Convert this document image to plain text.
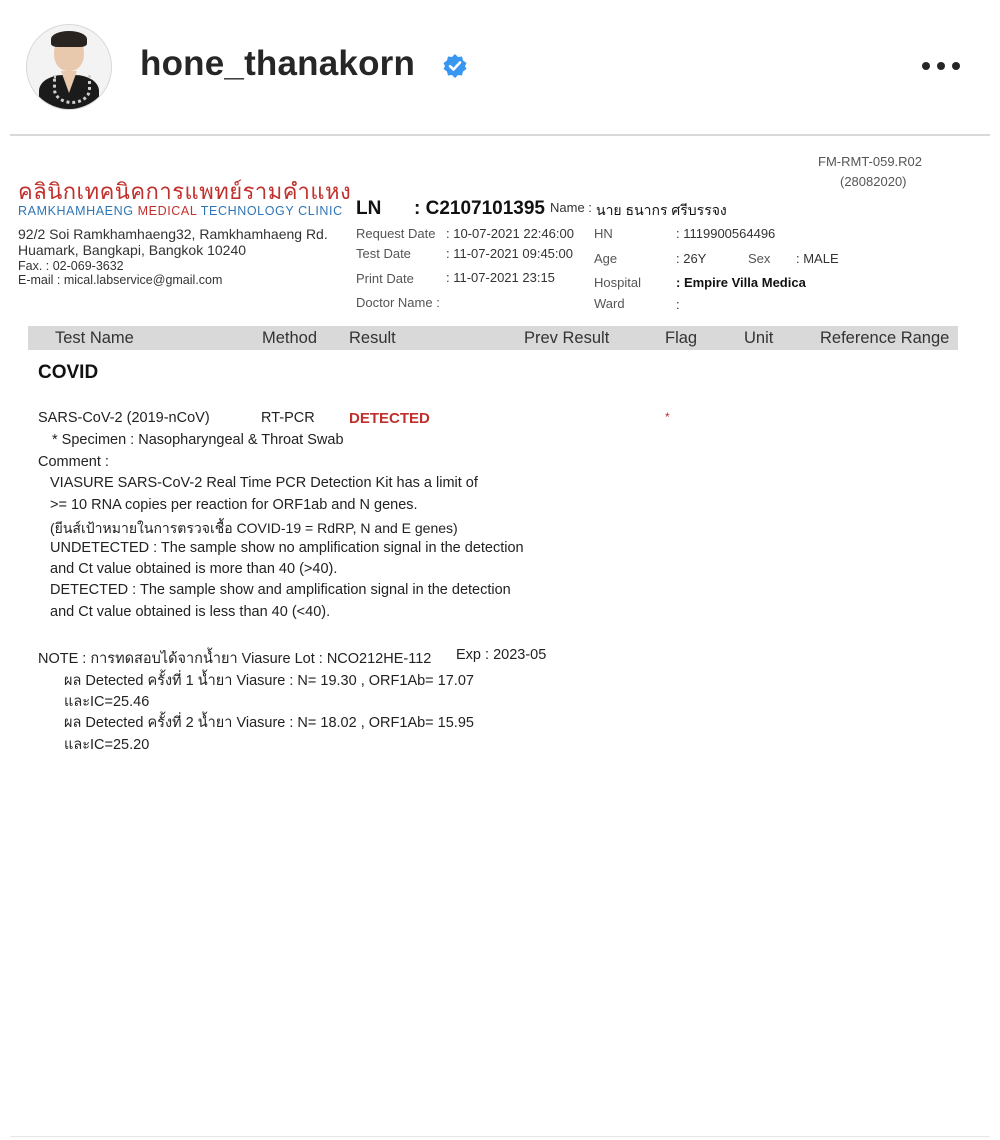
hone_thanakorn
FM-RMT-059.R02
(28082020)
คลินิกเทคนิคการแพทย์รามคำแหง
RAMKHAMHAENG MEDICAL TECHNOLOGY CLINIC LN : C2107101395 Name : นาย ธนากร ศรีบรรจง
92/2 Soi Ramkhamhaeng32, Ramkhamhaeng Rd.
Huamark, Bangkapi, Bangkok 10240
Fax. : 02-069-3632
E-mail : mical.labservice@gmail.com
Request Date : 10-07-2021 22:46:00
Test Date	: 11-07-2021 09:45:00
Print Date : 11-07-2021 23:15
Doctor Name :
HN	: 1119900564496
Age	: 26Y	Sex : MALE
Hospital	: Empire Villa Medica
Ward	:
Test Name	Method Result	Prev Result	Flag	Unit	Reference Range
COVID
SARS-CoV-2 (2019-nCoV)	RT-PCR DETECTED	*
* Specimen : Nasopharyngeal & Throat Swab
Comment :
VIASURE SARS-CoV-2 Real Time PCR Detection Kit has a limit of
>= 10 RNA copies per reaction for ORF1ab and N genes.
(ยีนส์เป้าหมายในการตรวจเชื้อ COVID-19 = RdRP, N and E genes)
UNDETECTED : The sample show no amplification signal in the detection
and Ct value obtained is more than 40 (>40).
DETECTED : The sample show and amplification signal in the detection
and Ct value obtained is less than 40 (<40).
NOTE : การทดสอบได้จากน้ำยา Viasure Lot : NCO212HE-112 Exp : 2023-05
ผล Detected ครั้งที่ 1 น้ำยา Viasure : N= 19.30 , ORF1Ab= 17.07
และIC=25.46
ผล Detected ครั้งที่ 2 น้ำยา Viasure : N= 18.02 , ORF1Ab= 15.95
และIC=25.20
